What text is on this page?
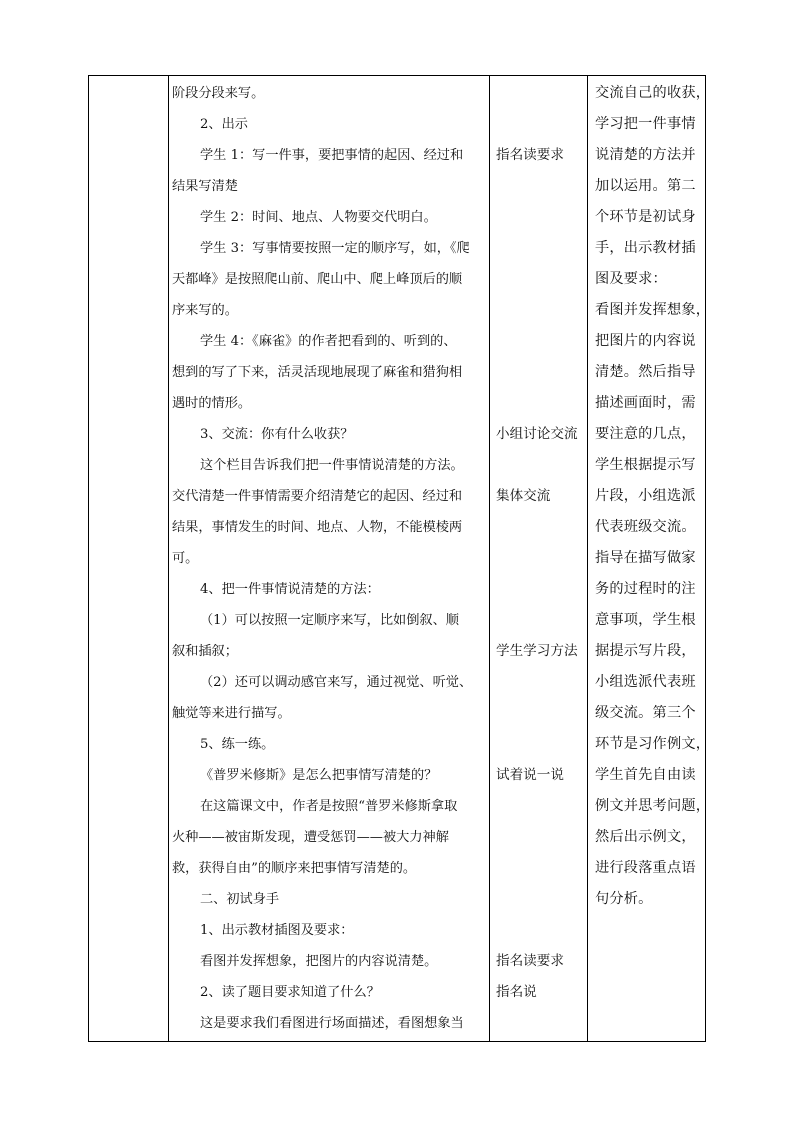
阶段分段来写。
2、出示
学生 1：写一件事，要把事情的起因、经过和
结果写清楚
学生 2：时间、地点、人物要交代明白。
学生 3：写事情要按照一定的顺序写，如，《爬
天都峰》是按照爬山前、爬山中、爬上峰顶后的顺
序来写的。
学生 4：《麻雀》的作者把看到的、听到的、
想到的写了下来，活灵活现地展现了麻雀和猎狗相
遇时的情形。
3、交流：你有什么收获？
这个栏目告诉我们把一件事情说清楚的方法。
交代清楚一件事情需要介绍清楚它的起因、经过和
结果，事情发生的时间、地点、人物，不能模棱两
可。
4、把一件事情说清楚的方法：
（1）可以按照一定顺序来写，比如倒叙、顺
叙和插叙；
（2）还可以调动感官来写，通过视觉、听觉、
触觉等来进行描写。
5、练一练。
《普罗米修斯》是怎么把事情写清楚的？
在这篇课文中，作者是按照“普罗米修斯拿取
火种——被宙斯发现，遭受惩罚——被大力神解
救，获得自由”的顺序来把事情写清楚的。
二、初试身手
1、出示教材插图及要求：
看图并发挥想象，把图片的内容说清楚。
2、读了题目要求知道了什么？
这是要求我们看图进行场面描述，看图想象当
指名读要求
小组讨论交流
集体交流
学生学习方法
试着说一说
指名读要求
指名说
交流自己的收获，
学习把一件事情
说清楚的方法并
加以运用。第二
个环节是初试身
手，出示教材插
图及要求：
看图并发挥想象，
把图片的内容说
清楚。然后指导
描述画面时，需
要注意的几点，
学生根据提示写
片段，小组选派
代表班级交流。
指导在描写做家
务的过程时的注
意事项，学生根
据提示写片段，
小组选派代表班
级交流。第三个
环节是习作例文，
学生首先自由读
例文并思考问题，
然后出示例文，
进行段落重点语
句分析。
